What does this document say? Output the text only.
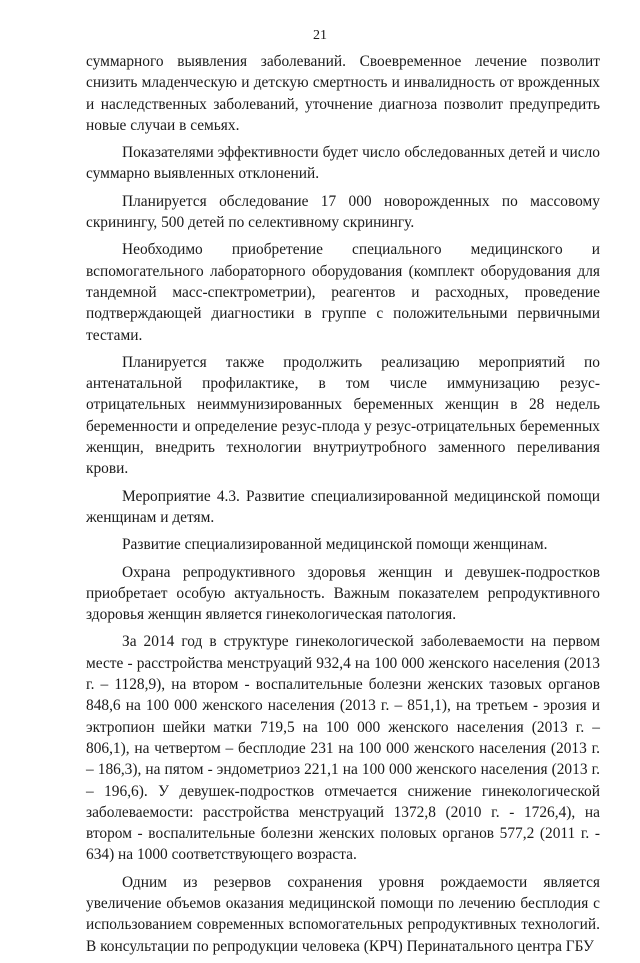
21

суммарного выявления заболеваний. Своевременное лечение позволит снизить младенческую и детскую смертность и инвалидность от врожденных и наследственных заболеваний, уточнение диагноза позволит предупредить новые случаи в семьях.

Показателями эффективности будет число обследованных детей и число суммарно выявленных отклонений.

Планируется обследование 17 000 новорожденных по массовому скринингу, 500 детей по селективному скринингу.

Необходимо приобретение специального медицинского и вспомогательного лабораторного оборудования (комплект оборудования для тандемной масс-спектрометрии), реагентов и расходных, проведение подтверждающей диагностики в группе с положительными первичными тестами.

Планируется также продолжить реализацию мероприятий по антенатальной профилактике, в том числе иммунизацию резус-отрицательных неиммунизированных беременных женщин в 28 недель беременности и определение резус-плода у резус-отрицательных беременных женщин, внедрить технологии внутриутробного заменного переливания крови.

Мероприятие 4.3. Развитие специализированной медицинской помощи женщинам и детям.

Развитие специализированной медицинской помощи женщинам.

Охрана репродуктивного здоровья женщин и девушек-подростков приобретает особую актуальность. Важным показателем репродуктивного здоровья женщин является гинекологическая патология.

За 2014 год в структуре гинекологической заболеваемости на первом месте - расстройства менструаций 932,4 на 100 000 женского населения (2013 г. – 1128,9), на втором - воспалительные болезни женских тазовых органов 848,6 на 100 000 женского населения (2013 г. – 851,1), на третьем - эрозия и эктропион шейки матки 719,5 на 100 000 женского населения (2013 г. – 806,1), на четвертом – бесплодие 231 на 100 000 женского населения (2013 г. – 186,3), на пятом - эндометриоз 221,1 на 100 000 женского населения (2013 г. – 196,6). У девушек-подростков отмечается снижение гинекологической заболеваемости: расстройства менструаций 1372,8 (2010 г. - 1726,4), на втором - воспалительные болезни женских половых органов 577,2 (2011 г. - 634) на 1000 соответствующего возраста.

Одним из резервов сохранения уровня рождаемости является увеличение объемов оказания медицинской помощи по лечению бесплодия с использованием современных вспомогательных репродуктивных технологий. В консультации по репродукции человека (КРЧ) Перинатального центра ГБУ
